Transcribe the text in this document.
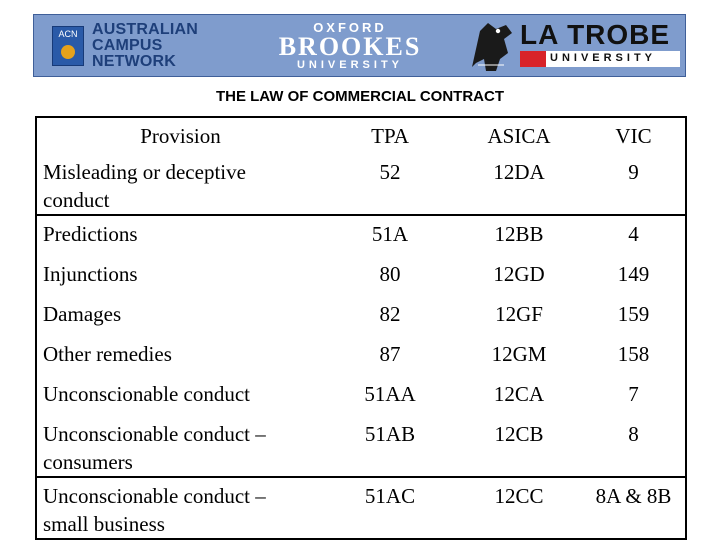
ACN AUSTRALIAN
CAMPUS
NETWORK
OXFORD
BROOKES
UNIVERSITY
LA TROBE
UNIVERSITY
THE LAW OF COMMERCIAL CONTRACT
Provision	TPA	ASICA	VIC

Misleading or deceptive
conduct	52	12DA	9
Predictions	51A	12BB	4
Injunctions	80	12GD	149
Damages	82	12GF	159
Other remedies	87	12GM	158
Unconscionable conduct	51AA	12CA	7

Unconscionable conduct –
consumers	51AB	12CB	8

Unconscionable conduct –
small business	51AC	12CC	8A & 8B
